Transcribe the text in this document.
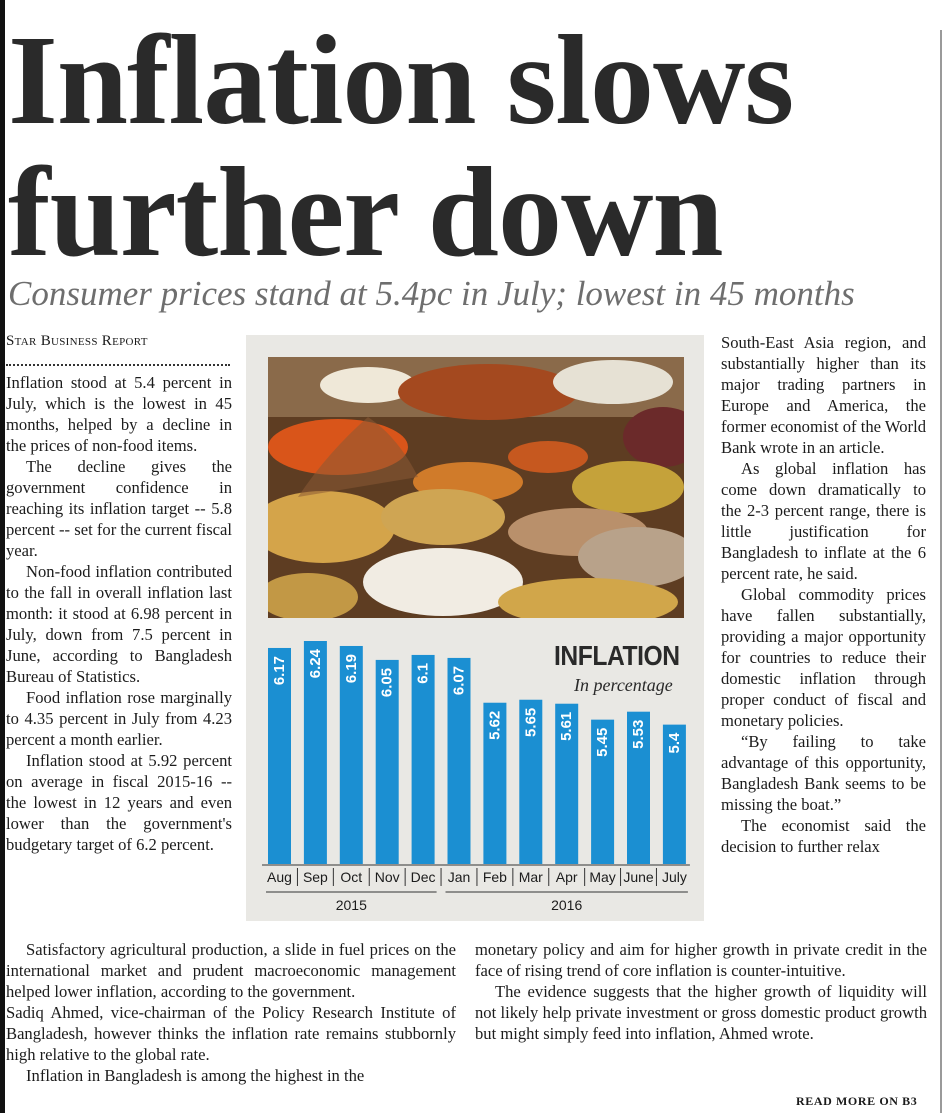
Inflation slows further down
Consumer prices stand at 5.4pc in July; lowest in 45 months
Star Business Report

Inflation stood at 5.4 percent in July, which is the lowest in 45 months, helped by a decline in the prices of non-food items.

The decline gives the government confidence in reaching its inflation target -- 5.8 percent -- set for the current fiscal year.

Non-food inflation contributed to the fall in overall inflation last month: it stood at 6.98 percent in July, down from 7.5 percent in June, according to Bangladesh Bureau of Statistics.

Food inflation rose marginally to 4.35 percent in July from 4.23 percent a month earlier.

Inflation stood at 5.92 percent on average in fiscal 2015-16 -- the lowest in 12 years and even lower than the government's budgetary target of 6.2 percent.

6.17
Aug
6.24
Sep
6.19
Oct
6.05
Nov
6.1
Dec
6.07
Jan
5.62
Feb
5.65
Mar
5.61
Apr
5.45
May
5.53
June
5.4
July
2015	2016
INFLATION
In percentage

South-East Asia region, and substantially higher than its major trading partners in Europe and America, the former economist of the World Bank wrote in an article.

As global inflation has come down dramatically to the 2-3 percent range, there is little justification for Bangladesh to inflate at the 6 percent rate, he said.

Global commodity prices have fallen substantially, providing a major opportunity for countries to reduce their domestic inflation through proper conduct of fiscal and monetary policies.

“By failing to take advantage of this opportunity, Bangladesh Bank seems to be missing the boat.”

The economist said the decision to further relax

Satisfactory agricultural production, a slide in fuel prices on the international market and prudent macroeconomic management helped lower inflation, according to the government.

Sadiq Ahmed, vice-chairman of the Policy Research Institute of Bangladesh, however thinks the inflation rate remains stubbornly high relative to the global rate.

Inflation in Bangladesh is among the highest in the

monetary policy and aim for higher growth in private credit in the face of rising trend of core inflation is counter-intuitive.

The evidence suggests that the higher growth of liquidity will not likely help private investment or gross domestic product growth but might simply feed into inflation, Ahmed wrote.

READ MORE ON B3
